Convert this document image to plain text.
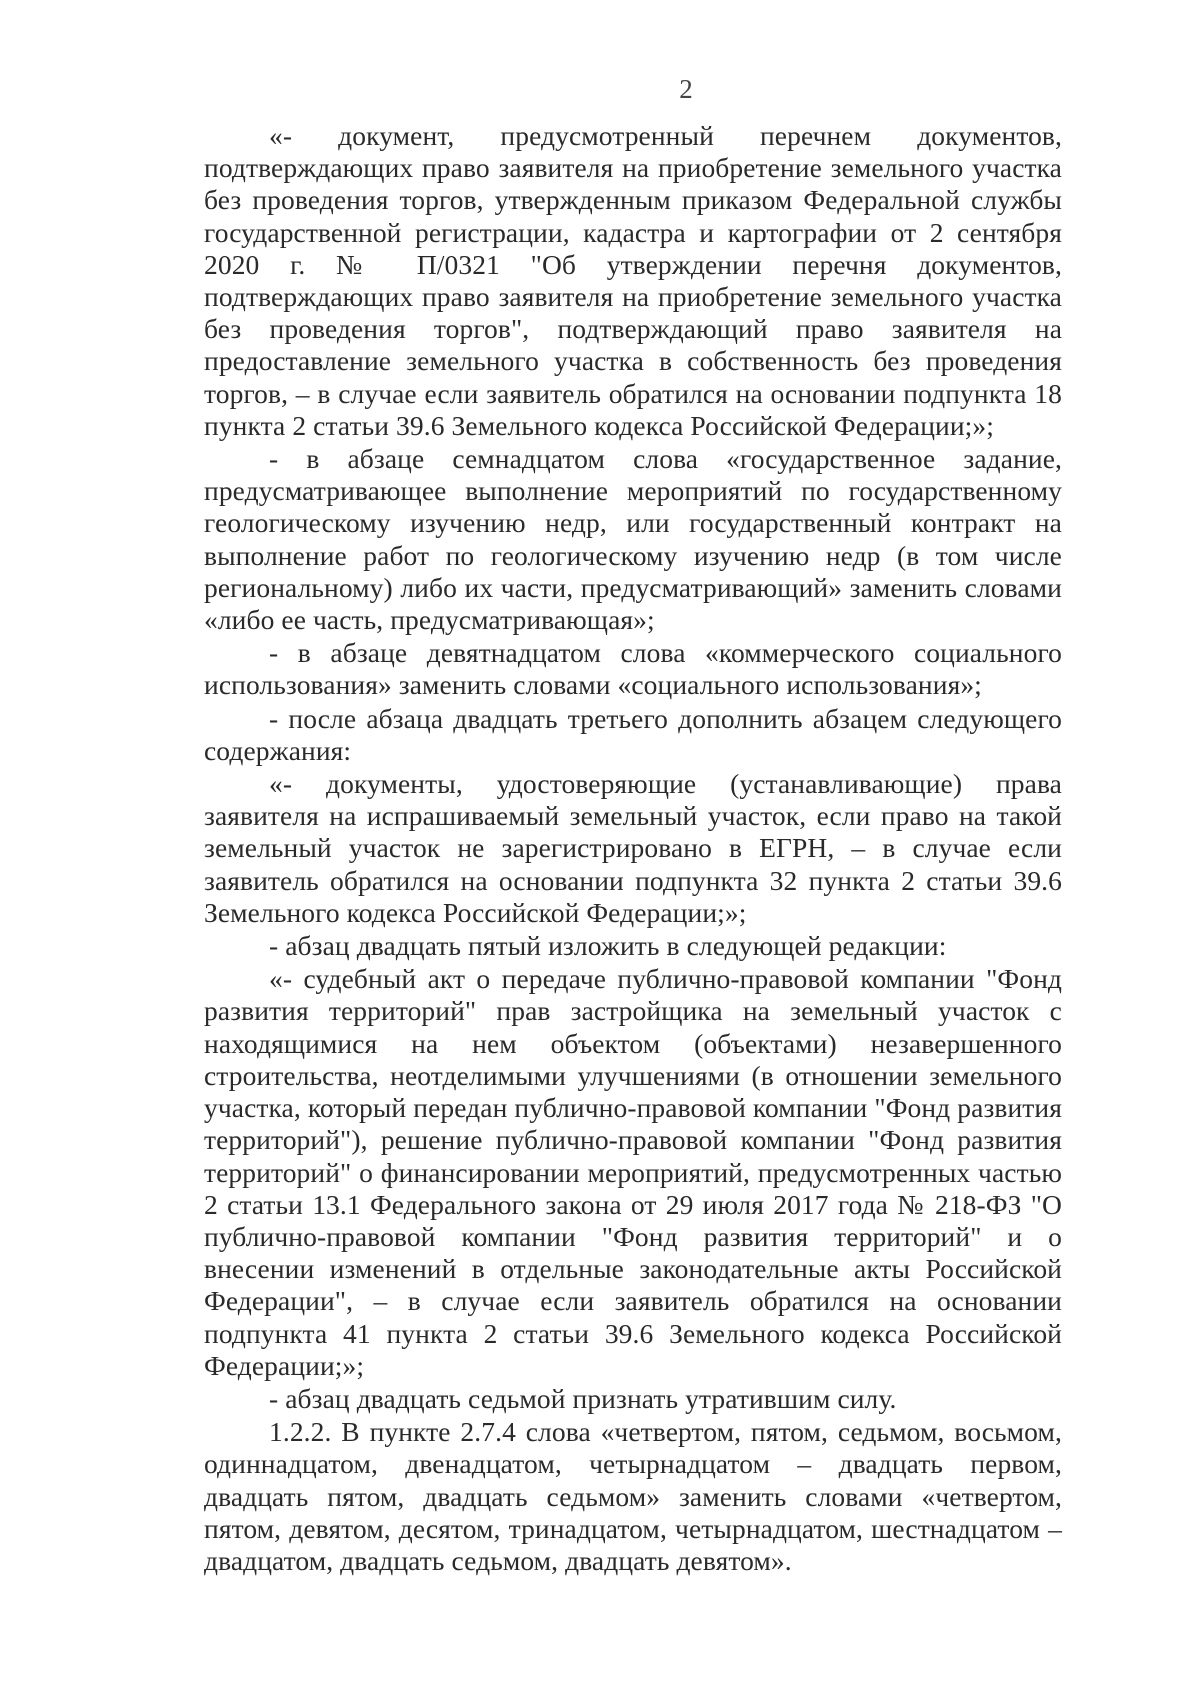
2

«- документ, предусмотренный перечнем документов, подтверждающих право заявителя на приобретение земельного участка без проведения торгов, утвержденным приказом Федеральной службы государственной регистрации, кадастра и картографии от 2 сентября 2020 г. № П/0321 "Об утверждении перечня документов, подтверждающих право заявителя на приобретение земельного участка без проведения торгов", подтверждающий право заявителя на предоставление земельного участка в собственность без проведения торгов, – в случае если заявитель обратился на основании подпункта 18 пункта 2 статьи 39.6 Земельного кодекса Российской Федерации;»;

- в абзаце семнадцатом слова «государственное задание, предусматривающее выполнение мероприятий по государственному геологическому изучению недр, или государственный контракт на выполнение работ по геологическому изучению недр (в том числе региональному) либо их части, предусматривающий» заменить словами «либо ее часть, предусматривающая»;

- в абзаце девятнадцатом слова «коммерческого социального использования» заменить словами «социального использования»;

- после абзаца двадцать третьего дополнить абзацем следующего содержания:

«- документы, удостоверяющие (устанавливающие) права заявителя на испрашиваемый земельный участок, если право на такой земельный участок не зарегистрировано в ЕГРН, – в случае если заявитель обратился на основании подпункта 32 пункта 2 статьи 39.6 Земельного кодекса Российской Федерации;»;

- абзац двадцать пятый изложить в следующей редакции:

«- судебный акт о передаче публично-правовой компании "Фонд развития территорий" прав застройщика на земельный участок с находящимися на нем объектом (объектами) незавершенного строительства, неотделимыми улучшениями (в отношении земельного участка, который передан публично-правовой компании "Фонд развития территорий"), решение публично-правовой компании "Фонд развития территорий" о финансировании мероприятий, предусмотренных частью 2 статьи 13.1 Федерального закона от 29 июля 2017 года № 218-ФЗ "О публично-правовой компании "Фонд развития территорий" и о внесении изменений в отдельные законодательные акты Российской Федерации", – в случае если заявитель обратился на основании подпункта 41 пункта 2 статьи 39.6 Земельного кодекса Российской Федерации;»;

- абзац двадцать седьмой признать утратившим силу.

1.2.2. В пункте 2.7.4 слова «четвертом, пятом, седьмом, восьмом, одиннадцатом, двенадцатом, четырнадцатом – двадцать первом, двадцать пятом, двадцать седьмом» заменить словами «четвертом, пятом, девятом, десятом, тринадцатом, четырнадцатом, шестнадцатом – двадцатом, двадцать седьмом, двадцать девятом».
